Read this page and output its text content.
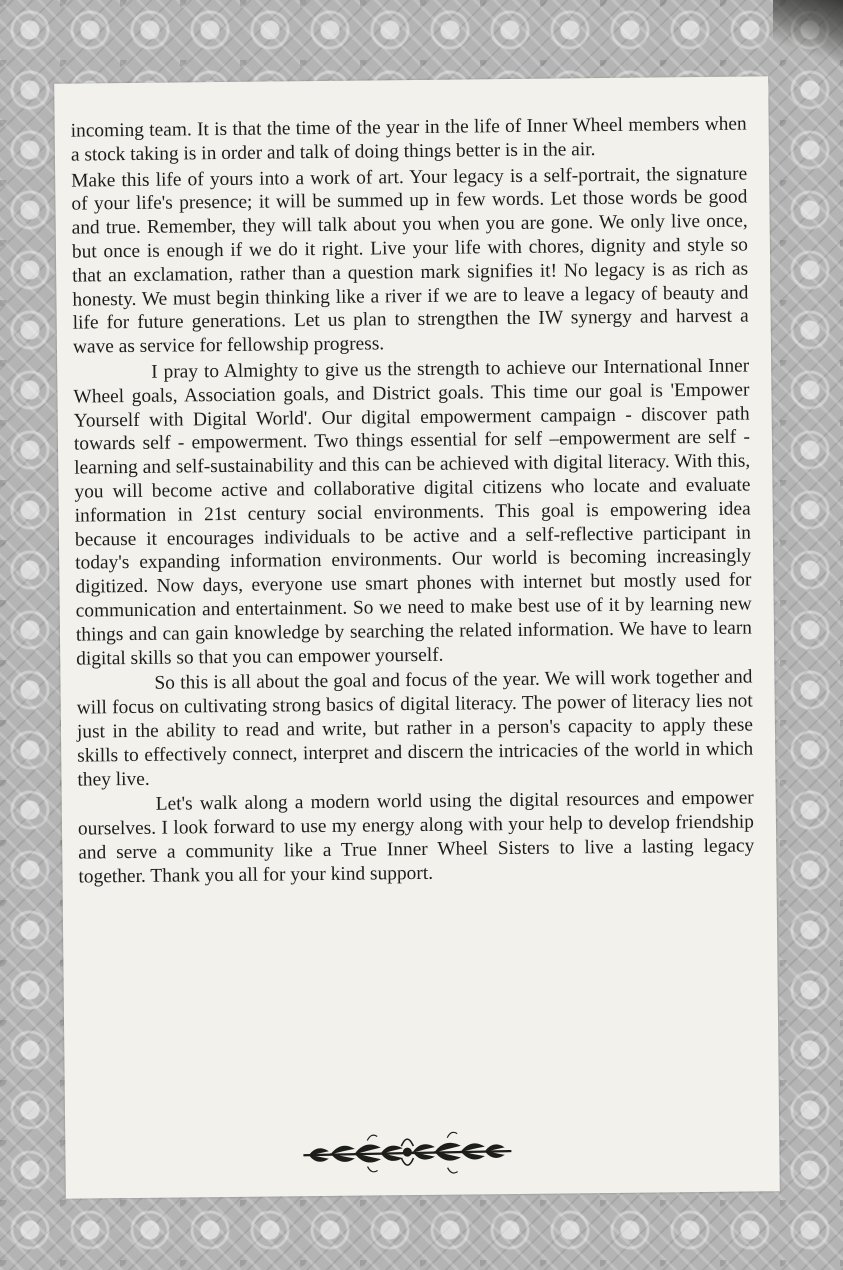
incoming team. It is that the time of the year in the life of Inner Wheel members when a stock taking is in order and talk of doing things better is in the air.

Make this life of yours into a work of art. Your legacy is a self-portrait, the signature of your life's presence; it will be summed up in few words. Let those words be good and true. Remember, they will talk about you when you are gone. We only live once, but once is enough if we do it right. Live your life with chores, dignity and style so that an exclamation, rather than a question mark signifies it! No legacy is as rich as honesty. We must begin thinking like a river if we are to leave a legacy of beauty and life for future generations. Let us plan to strengthen the IW synergy and harvest a wave as service for fellowship progress.

I pray to Almighty to give us the strength to achieve our International Inner Wheel goals, Association goals, and District goals. This time our goal is 'Empower Yourself with Digital World'. Our digital empowerment campaign - discover path towards self - empowerment. Two things essential for self –empowerment are self - learning and self-sustainability and this can be achieved with digital literacy. With this, you will become active and collaborative digital citizens who locate and evaluate information in 21st century social environments. This goal is empowering idea because it encourages individuals to be active and a self-reflective participant in today's expanding information environments. Our world is becoming increasingly digitized. Now days, everyone use smart phones with internet but mostly used for communication and entertainment. So we need to make best use of it by learning new things and can gain knowledge by searching the related information. We have to learn digital skills so that you can empower yourself.

So this is all about the goal and focus of the year. We will work together and will focus on cultivating strong basics of digital literacy. The power of literacy lies not just in the ability to read and write, but rather in a person's capacity to apply these skills to effectively connect, interpret and discern the intricacies of the world in which they live.

Let's walk along a modern world using the digital resources and empower ourselves. I look forward to use my energy along with your help to develop friendship and serve a community like a True Inner Wheel Sisters to live a lasting legacy together. Thank you all for your kind support.
